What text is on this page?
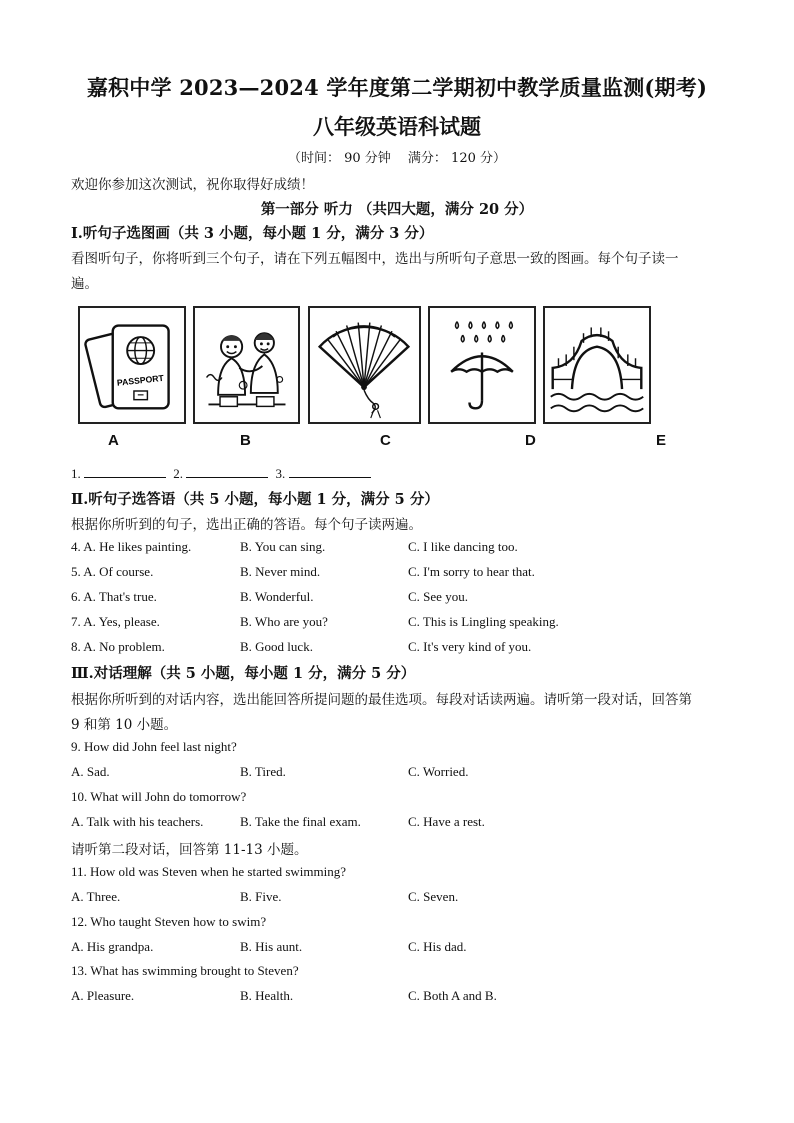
嘉积中学 2023—2024 学年度第二学期初中教学质量监测(期考)
八年级英语科试题
（时间： 90 分钟　 满分： 120 分）
欢迎你参加这次测试，祝你取得好成绩！
第一部分 听力 （共四大题，满分 20 分）
Ⅰ.听句子选图画（共 3 小题，每小题 1 分，满分 3 分）
看图听句子，你将听到三个句子，请在下列五幅图中，选出与所听句子意思一致的图画。每个句子读一
遍。
PASSPORT
A	B	C	D	E
1.	2.	3.
Ⅱ.听句子选答语（共 5 小题，每小题 1 分，满分 5 分）
根据你所听到的句子，选出正确的答语。每个句子读两遍。
4. A. He likes painting.	B. You can sing.	C. I like dancing too.
5. A. Of course.	B. Never mind.	C. I'm sorry to hear that.
6. A. That's true.	B. Wonderful.	C. See you.
7. A. Yes, please.	B. Who are you?	C. This is Lingling speaking.
8. A. No problem.	B. Good luck.	C. It's very kind of you.
Ⅲ.对话理解（共 5 小题，每小题 1 分，满分 5 分）
根据你所听到的对话内容，选出能回答所提问题的最佳选项。每段对话读两遍。请听第一段对话，回答第
9 和第 10 小题。
9. How did John feel last night?
A. Sad.	B. Tired.	C. Worried.
10. What will John do tomorrow?
A. Talk with his teachers.	B. Take the final exam.	C. Have a rest.
请听第二段对话，回答第 11-13 小题。
11. How old was Steven when he started swimming?
A. Three.	B. Five.	C. Seven.
12. Who taught Steven how to swim?
A. His grandpa.	B. His aunt.	C. His dad.
13. What has swimming brought to Steven?
A. Pleasure.	B. Health.	C. Both A and B.
